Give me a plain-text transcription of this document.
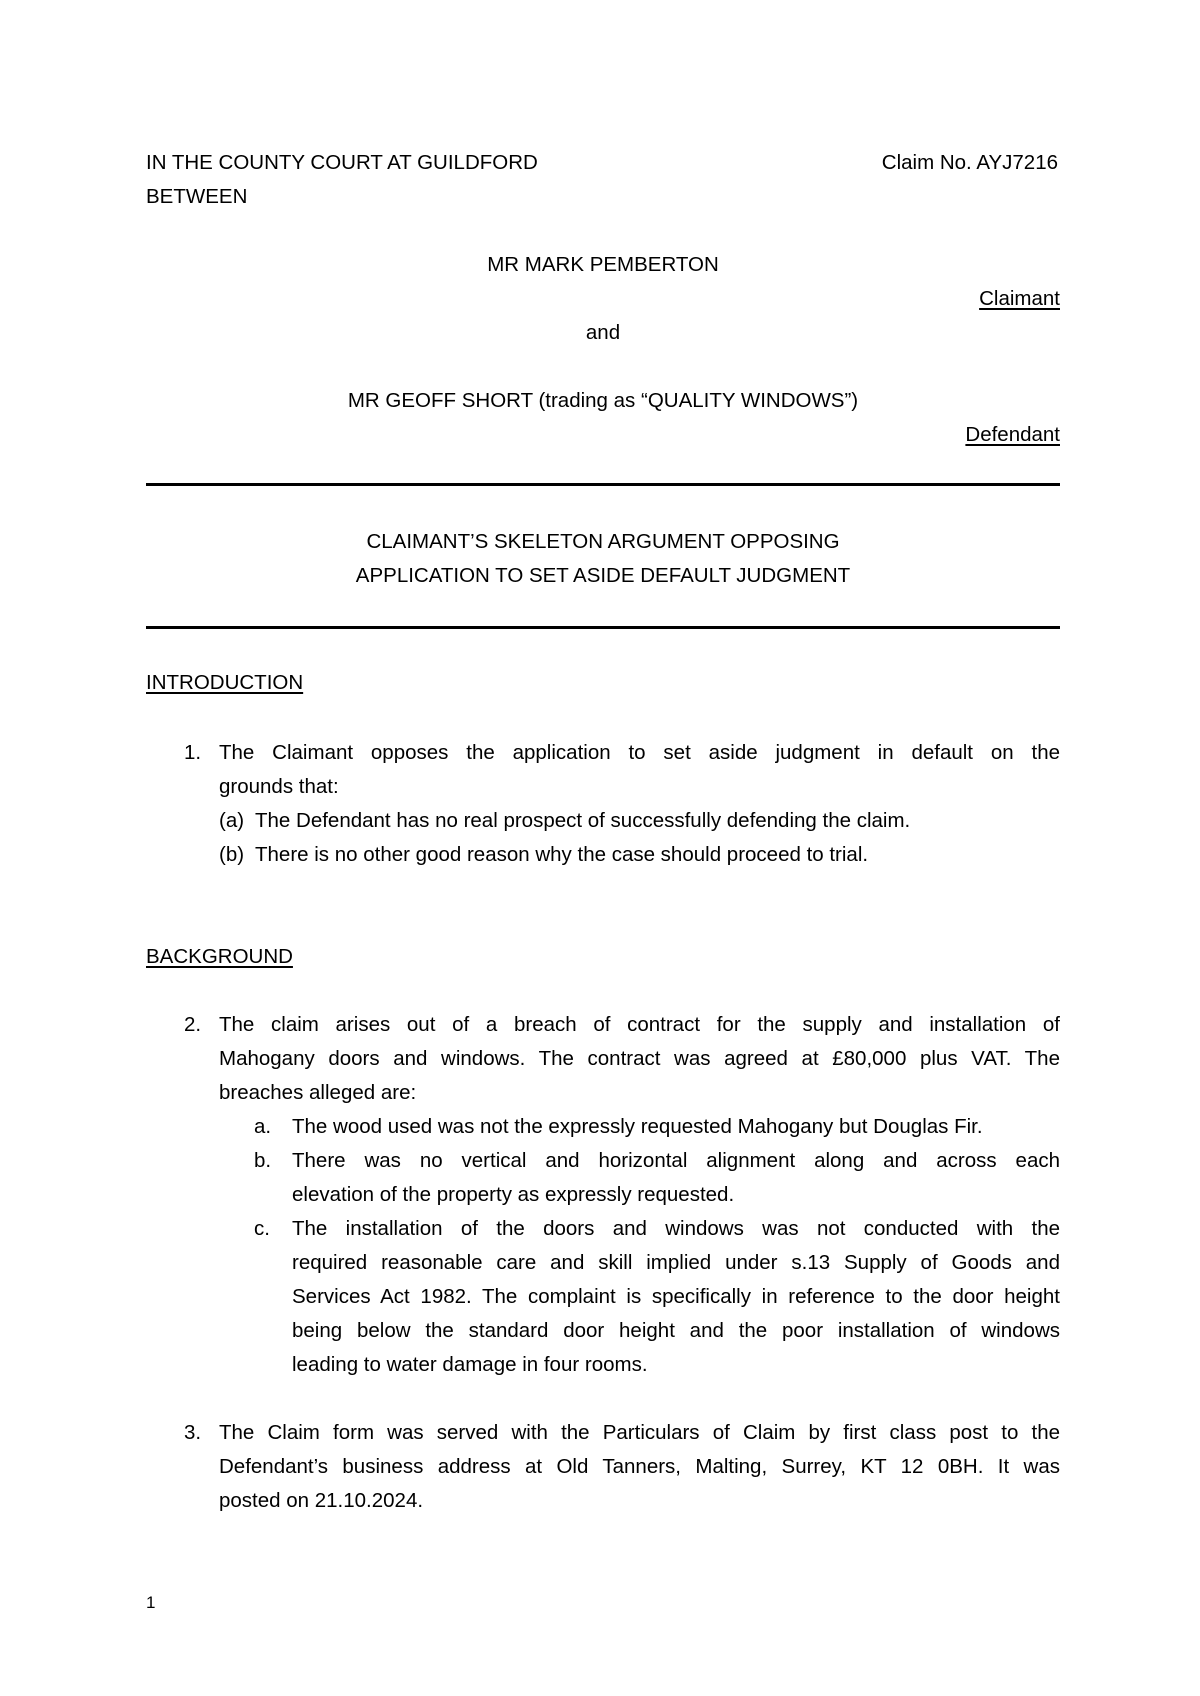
IN THE COUNTY COURT AT GUILDFORD	Claim No. AYJ7216
BETWEEN
MR MARK PEMBERTON
Claimant
and
MR GEOFF SHORT (trading as “QUALITY WINDOWS”)
Defendant
CLAIMANT’S SKELETON ARGUMENT OPPOSING
APPLICATION TO SET ASIDE DEFAULT JUDGMENT
INTRODUCTION
1. The Claimant opposes the application to set aside judgment in default on the
grounds that:
(a) The Defendant has no real prospect of successfully defending the claim.
(b) There is no other good reason why the case should proceed to trial.
BACKGROUND
2. The claim arises out of a breach of contract for the supply and installation of
Mahogany doors and windows. The contract was agreed at £80,000 plus VAT. The
breaches alleged are:
a. The wood used was not the expressly requested Mahogany but Douglas Fir.
b. There was no vertical and horizontal alignment along and across each
elevation of the property as expressly requested.
c. The installation of the doors and windows was not conducted with the
required reasonable care and skill implied under s.13 Supply of Goods and
Services Act 1982. The complaint is specifically in reference to the door height
being below the standard door height and the poor installation of windows
leading to water damage in four rooms.
3. The Claim form was served with the Particulars of Claim by first class post to the
Defendant’s business address at Old Tanners, Malting, Surrey, KT 12 0BH. It was
posted on 21.10.2024.
1
